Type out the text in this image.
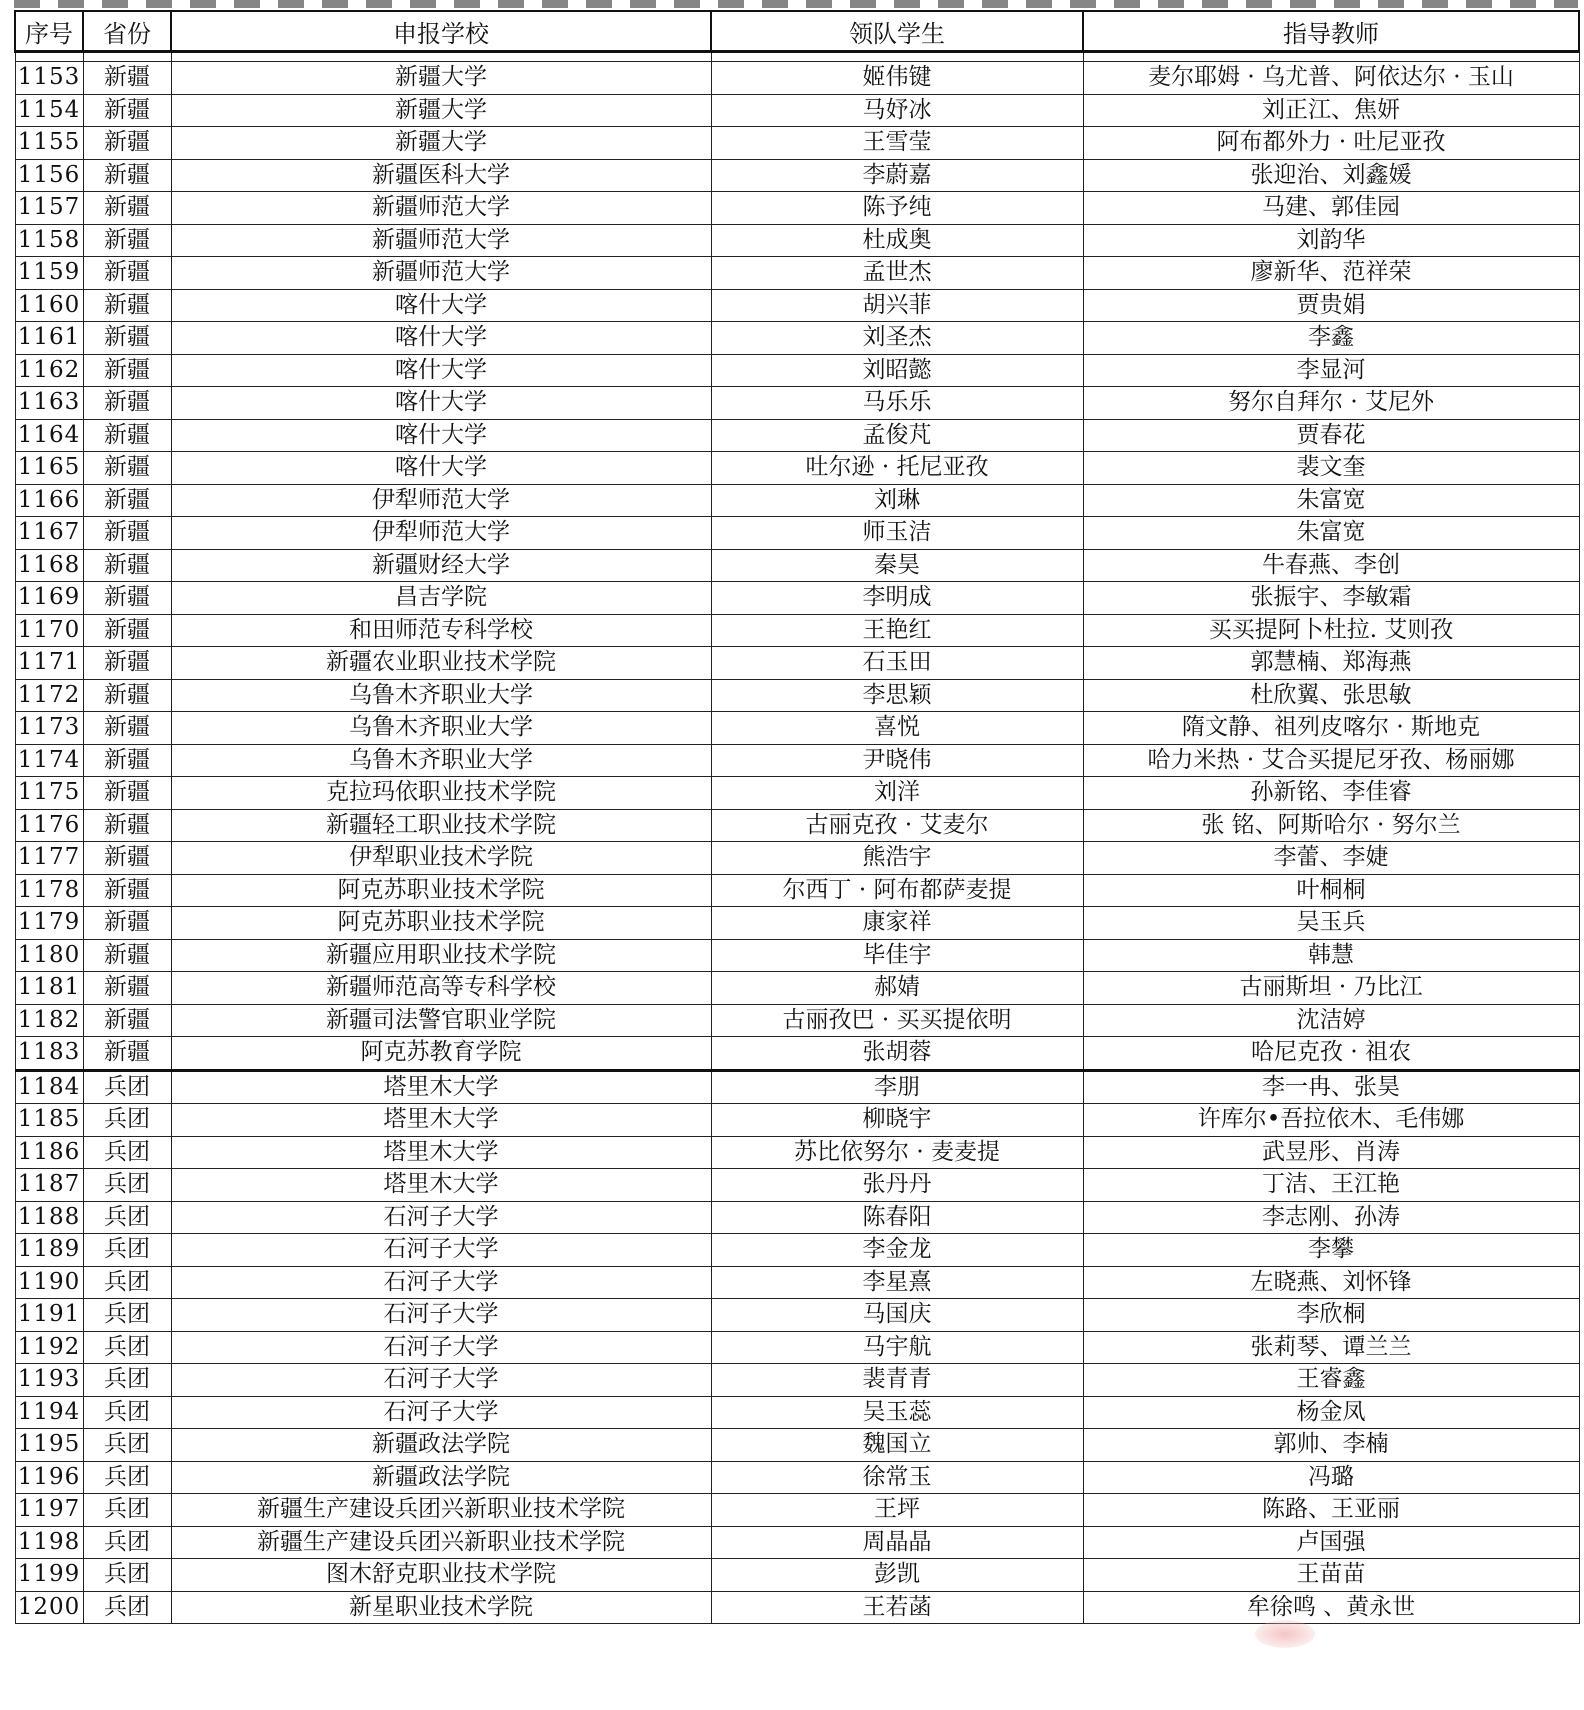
序号	省份	申报学校	领队学生	指导教师

1153	新疆	新疆大学	姬伟键	麦尔耶姆 · 乌尤普、阿依达尔 · 玉山
1154	新疆	新疆大学	马妤冰	刘正江、焦妍
1155	新疆	新疆大学	王雪莹	阿布都外力 · 吐尼亚孜
1156	新疆	新疆医科大学	李蔚嘉	张迎治、刘鑫媛
1157	新疆	新疆师范大学	陈予纯	马建、郭佳园
1158	新疆	新疆师范大学	杜成奥	刘韵华
1159	新疆	新疆师范大学	孟世杰	廖新华、范祥荣
1160	新疆	喀什大学	胡兴菲	贾贵娟
1161	新疆	喀什大学	刘圣杰	李鑫
1162	新疆	喀什大学	刘昭懿	李显河
1163	新疆	喀什大学	马乐乐	努尔自拜尔 · 艾尼外
1164	新疆	喀什大学	孟俊芃	贾春花
1165	新疆	喀什大学	吐尔逊 · 托尼亚孜	裴文奎
1166	新疆	伊犁师范大学	刘琳	朱富宽
1167	新疆	伊犁师范大学	师玉洁	朱富宽
1168	新疆	新疆财经大学	秦昊	牛春燕、李创
1169	新疆	昌吉学院	李明成	张振宇、李敏霜
1170	新疆	和田师范专科学校	王艳红	买买提阿卜杜拉. 艾则孜
1171	新疆	新疆农业职业技术学院	石玉田	郭慧楠、郑海燕
1172	新疆	乌鲁木齐职业大学	李思颖	杜欣翼、张思敏
1173	新疆	乌鲁木齐职业大学	喜悦	隋文静、祖列皮喀尔 · 斯地克
1174	新疆	乌鲁木齐职业大学	尹晓伟	哈力米热 · 艾合买提尼牙孜、杨丽娜
1175	新疆	克拉玛依职业技术学院	刘洋	孙新铭、李佳睿
1176	新疆	新疆轻工职业技术学院	古丽克孜 · 艾麦尔	张 铭、阿斯哈尔 · 努尔兰
1177	新疆	伊犁职业技术学院	熊浩宇	李蕾、李婕
1178	新疆	阿克苏职业技术学院	尔西丁 · 阿布都萨麦提	叶桐桐
1179	新疆	阿克苏职业技术学院	康家祥	吴玉兵
1180	新疆	新疆应用职业技术学院	毕佳宇	韩慧
1181	新疆	新疆师范高等专科学校	郝婧	古丽斯坦 · 乃比江
1182	新疆	新疆司法警官职业学院	古丽孜巴 · 买买提依明	沈洁婷
1183	新疆	阿克苏教育学院	张胡蓉	哈尼克孜 · 祖农
1184	兵团	塔里木大学	李朋	李一冉、张昊
1185	兵团	塔里木大学	柳晓宇	许库尔•吾拉依木、毛伟娜
1186	兵团	塔里木大学	苏比依努尔 · 麦麦提	武昱彤、肖涛
1187	兵团	塔里木大学	张丹丹	丁洁、王江艳
1188	兵团	石河子大学	陈春阳	李志刚、孙涛
1189	兵团	石河子大学	李金龙	李攀
1190	兵团	石河子大学	李星熹	左晓燕、刘怀锋
1191	兵团	石河子大学	马国庆	李欣桐
1192	兵团	石河子大学	马宇航	张莉琴、谭兰兰
1193	兵团	石河子大学	裴青青	王睿鑫
1194	兵团	石河子大学	吴玉蕊	杨金凤
1195	兵团	新疆政法学院	魏国立	郭帅、李楠
1196	兵团	新疆政法学院	徐常玉	冯璐
1197	兵团	新疆生产建设兵团兴新职业技术学院	王坪	陈路、王亚丽
1198	兵团	新疆生产建设兵团兴新职业技术学院	周晶晶	卢国强
1199	兵团	图木舒克职业技术学院	彭凯	王苗苗
1200	兵团	新星职业技术学院	王若菡	牟徐鸣 、黄永世
